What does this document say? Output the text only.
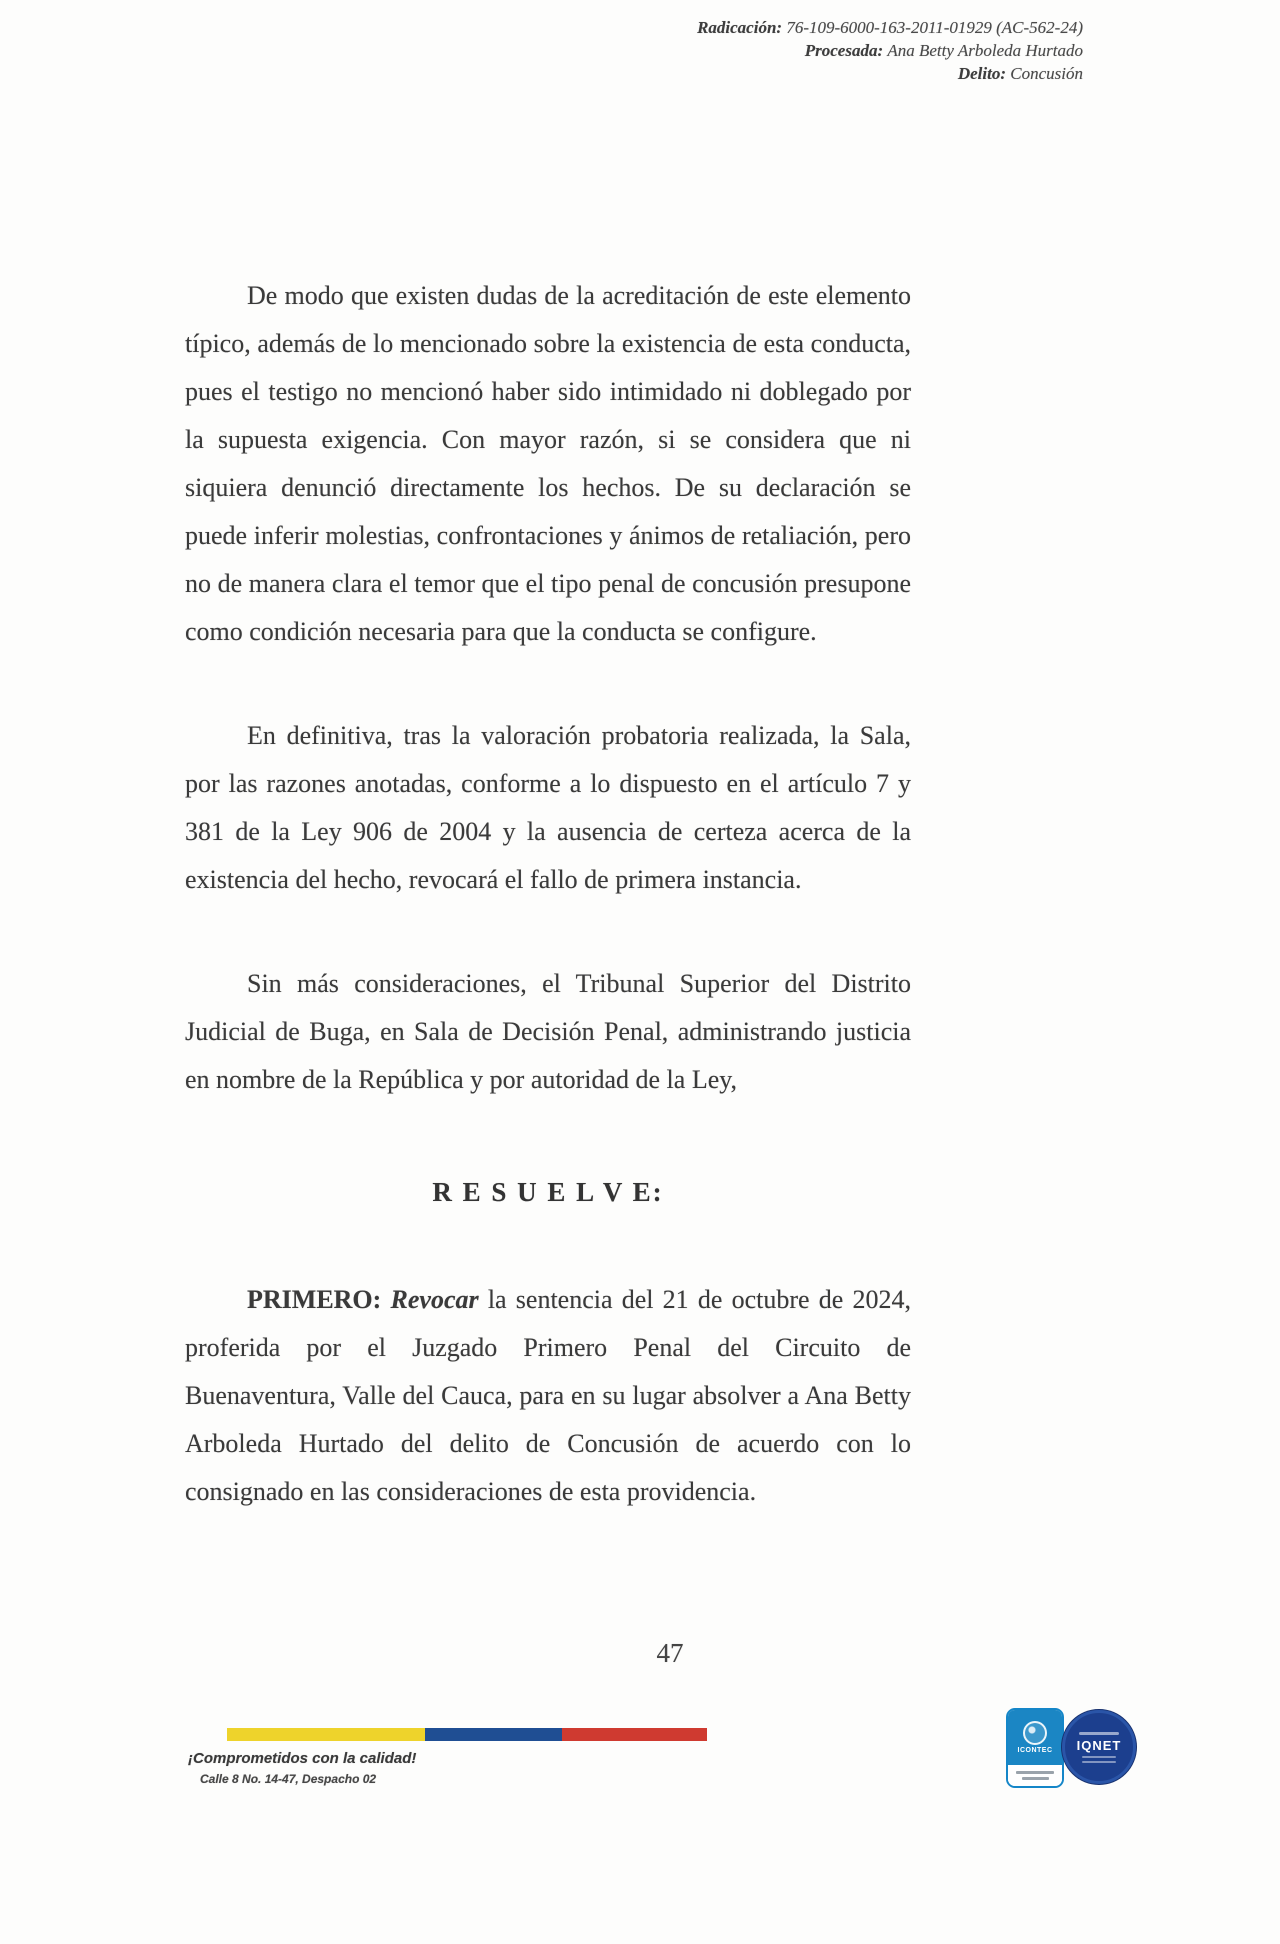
Radicación: 76-109-6000-163-2011-01929 (AC-562-24)
Procesada: Ana Betty Arboleda Hurtado
Delito: Concusión

De modo que existen dudas de la acreditación de este elemento típico, además de lo mencionado sobre la existencia de esta conducta, pues el testigo no mencionó haber sido intimidado ni doblegado por la supuesta exigencia. Con mayor razón, si se considera que ni siquiera denunció directamente los hechos. De su declaración se puede inferir molestias, confrontaciones y ánimos de retaliación, pero no de manera clara el temor que el tipo penal de concusión presupone como condición necesaria para que la conducta se configure.

En definitiva, tras la valoración probatoria realizada, la Sala, por las razones anotadas, conforme a lo dispuesto en el artículo 7 y 381 de la Ley 906 de 2004 y la ausencia de certeza acerca de la existencia del hecho, revocará el fallo de primera instancia.

Sin más consideraciones, el Tribunal Superior del Distrito Judicial de Buga, en Sala de Decisión Penal, administrando justicia en nombre de la República y por autoridad de la Ley,

R E S U E L V E:

PRIMERO: Revocar la sentencia del 21 de octubre de 2024, proferida por el Juzgado Primero Penal del Circuito de Buenaventura, Valle del Cauca, para en su lugar absolver a Ana Betty Arboleda Hurtado del delito de Concusión de acuerdo con lo consignado en las consideraciones de esta providencia.

47
¡Comprometidos con la calidad!
Calle 8 No. 14-47, Despacho 02
ICONTEC IQNET
